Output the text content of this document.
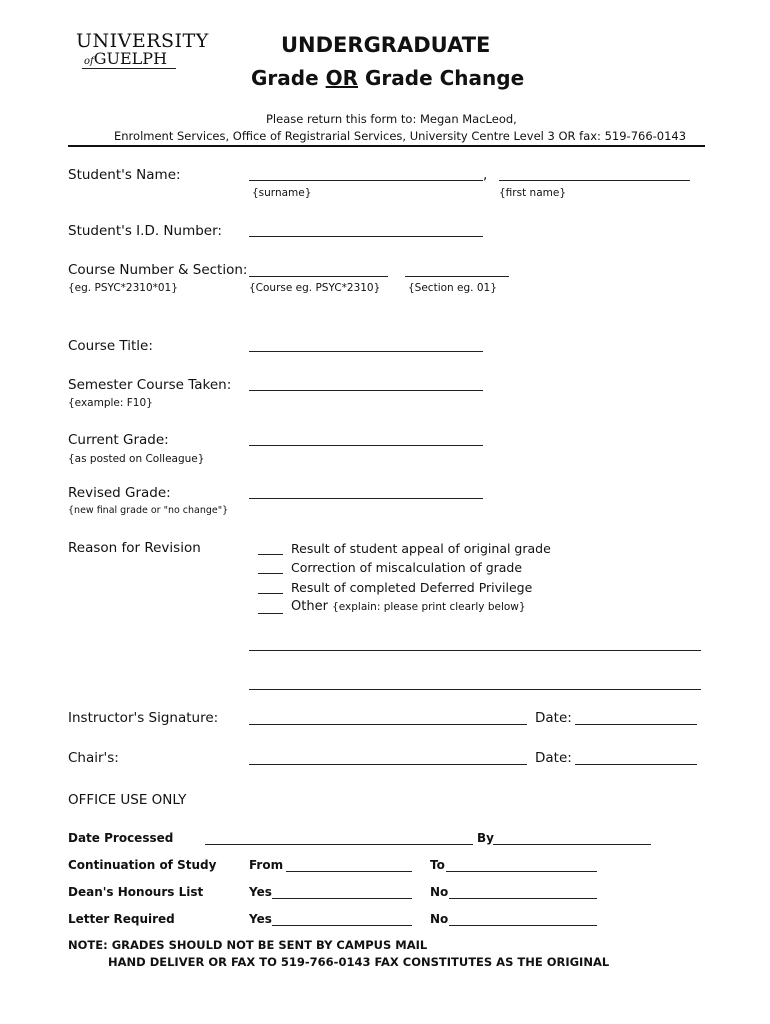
UNIVERSITY
ofGUELPH
UNDERGRADUATE
Grade OR Grade Change
Please return this form to: Megan MacLeod,
Enrolment Services, Office of Registrarial Services, University Centre Level 3 OR fax: 519-766-0143
Student's Name:	,
{surname}	{first name}
Student's I.D. Number:
Course Number & Section:
{eg. PSYC*2310*01}	{Course eg. PSYC*2310}	{Section eg. 01}
Course Title:
Semester Course Taken:
{example: F10}
Current Grade:
{as posted on Colleague}
Revised Grade:
{new final grade or "no change"}
Reason for Revision	Result of student appeal of original grade
Correction of miscalculation of grade
Result of completed Deferred Privilege
Other {explain: please print clearly below}
Instructor's Signature:	Date:
Chair's:	Date:
OFFICE USE ONLY
Date Processed	By
Continuation of Study	From	To
Dean's Honours List	Yes	No
Letter Required	Yes	No
NOTE: GRADES SHOULD NOT BE SENT BY CAMPUS MAIL
HAND DELIVER OR FAX TO 519-766-0143 FAX CONSTITUTES AS THE ORIGINAL
